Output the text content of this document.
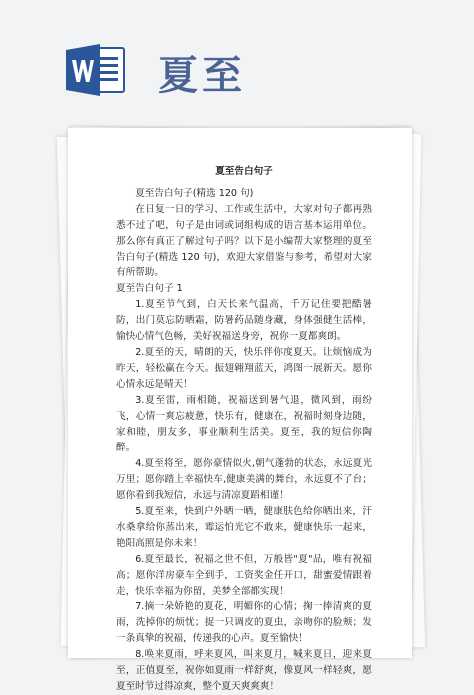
夏至
夏至告白句子

夏至告白句子(精选 120 句)

在日复一日的学习、工作或生活中，大家对句子都再熟悉不过了吧，句子是由词或词组构成的语言基本运用单位。那么你有真正了解过句子吗？以下是小编帮大家整理的夏至告白句子(精选 120 句)，欢迎大家借鉴与参考，希望对大家有所帮助。

夏至告白句子 1

1.夏至节气到，白天长来气温高，千万记住要把酷暑防，出门莫忘防晒霜，防暑药品随身藏，身体强健生活棒，愉快心情气色畅，美好祝福送身旁，祝你一夏都爽朗。

2.夏至的天，晴朗的天，快乐伴你度夏天。让烦恼成为昨天，轻松赢在今天。振翅翱翔蓝天，鸿图一展新天。愿你心情永远是晴天！

3.夏至雷，雨相随，祝福送到暑气退，微风到，雨纷飞，心情一爽忘疲惫，快乐有，健康在，祝福时刻身边随，家和睦，朋友多，事业顺利生活美。夏至，我的短信你陶醉。

4.夏至将至，愿你豪情似火,朝气蓬勃的状态，永远夏光万里；愿你踏上幸福快车,健康美满的舞台，永远夏不了台；愿你看到我短信，永远与清凉夏蹈相谨！

5.夏至来，快到户外晒一晒，健康肤色给你晒出来，汗水桑拿给你蒸出来，霉运怕光它不敢来，健康快乐一起来，艳阳高照是你未来！

6.夏至最长，祝福之世不但，万般皆"夏"品，唯有祝福高；愿你洋房豪车全到手，工资奖金任开口，甜蜜爱情跟着走，快乐幸福为你留，美梦全部都实现！

7.摘一朵娇艳的夏花，明媚你的心情；掬一捧清爽的夏雨，洗掉你的烦忧；捉一只调皮的夏虫，亲吻你的脸颊；发一条真挚的祝福，传递我的心声。夏至愉快！

8.唤来夏雨，呼来夏风，叫来夏月，喊来夏日，迎来夏至，正值夏至，祝你如夏雨一样舒爽，像夏风一样轻爽，愿夏至时节过得凉爽，整个夏天爽爽爽！
